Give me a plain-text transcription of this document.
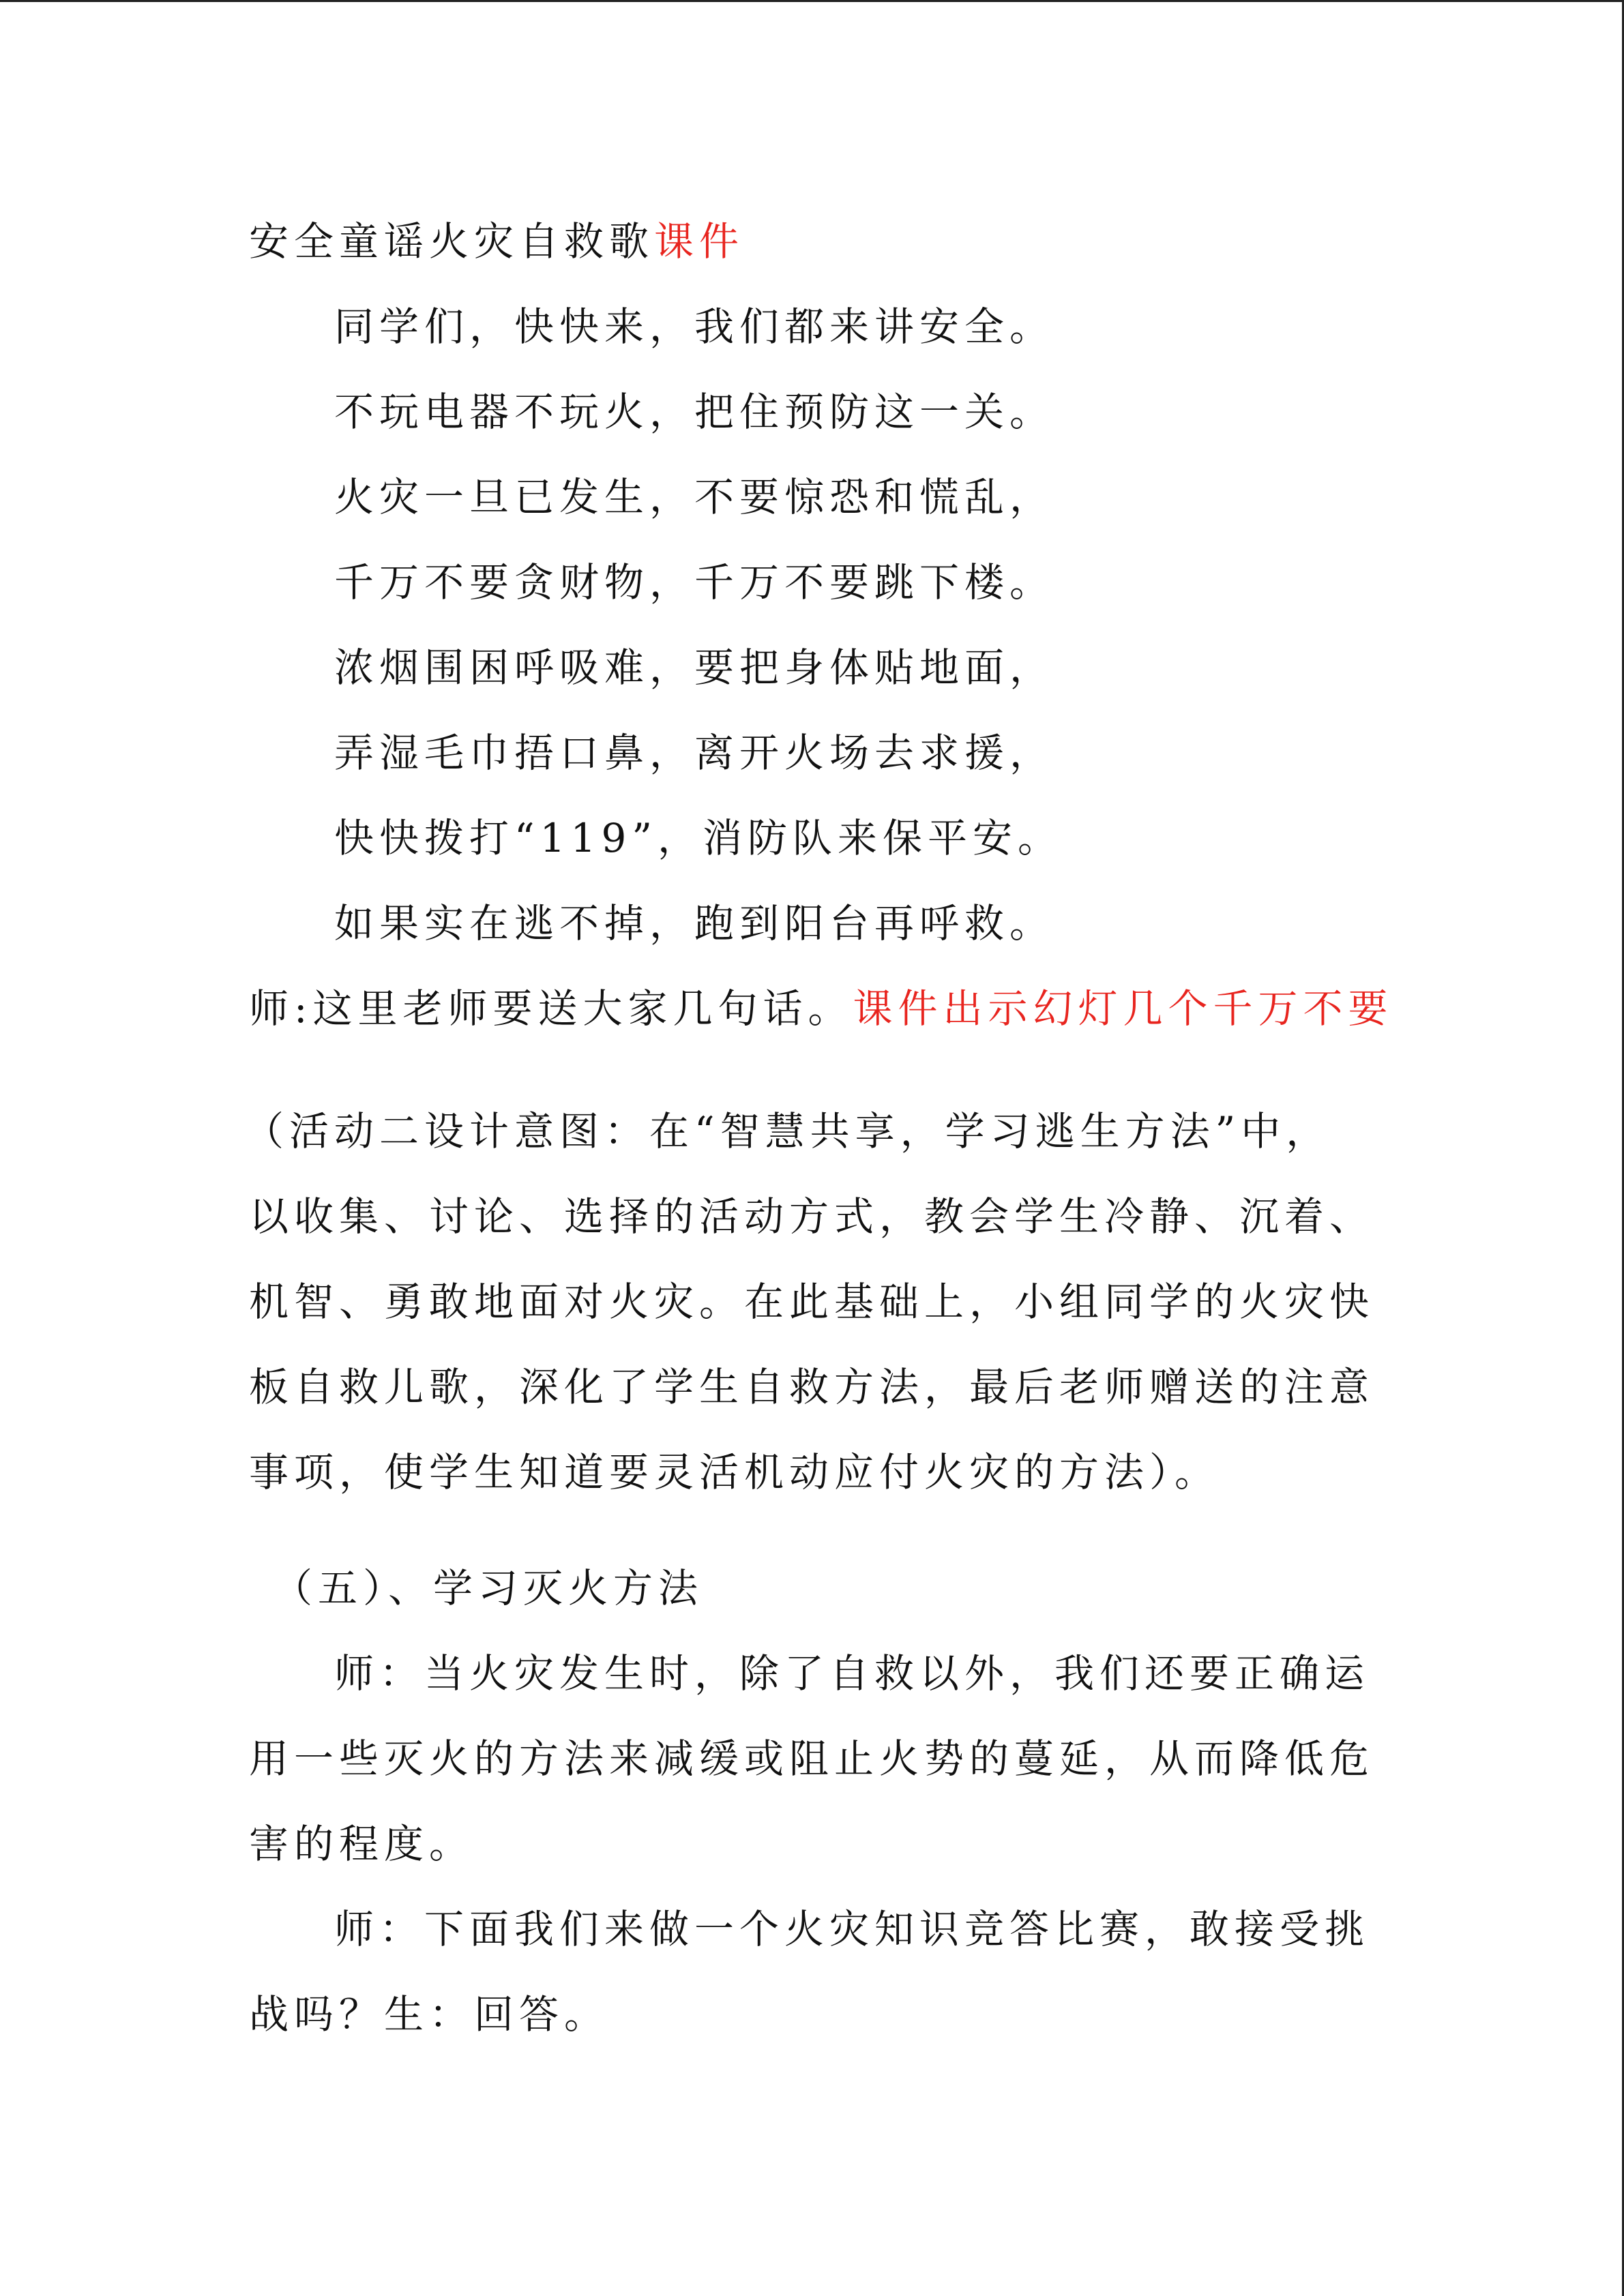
安全童谣火灾自救歌课件
同学们，快快来，我们都来讲安全。
不玩电器不玩火，把住预防这一关。
火灾一旦已发生，不要惊恐和慌乱，
千万不要贪财物，千万不要跳下楼。
浓烟围困呼吸难，要把身体贴地面，
弄湿毛巾捂口鼻，离开火场去求援，
快快拨打“119”，消防队来保平安。
如果实在逃不掉，跑到阳台再呼救。
师:这里老师要送大家几句话。课件出示幻灯几个千万不要
（活动二设计意图：在“智慧共享，学习逃生方法”中，
以收集、讨论、选择的活动方式，教会学生冷静、沉着、
机智、勇敢地面对火灾。在此基础上，小组同学的火灾快
板自救儿歌，深化了学生自救方法，最后老师赠送的注意
事项，使学生知道要灵活机动应付火灾的方法）。
（五）、学习灭火方法
师：当火灾发生时，除了自救以外，我们还要正确运
用一些灭火的方法来减缓或阻止火势的蔓延，从而降低危
害的程度。
师：下面我们来做一个火灾知识竞答比赛，敢接受挑
战吗？生：回答。
